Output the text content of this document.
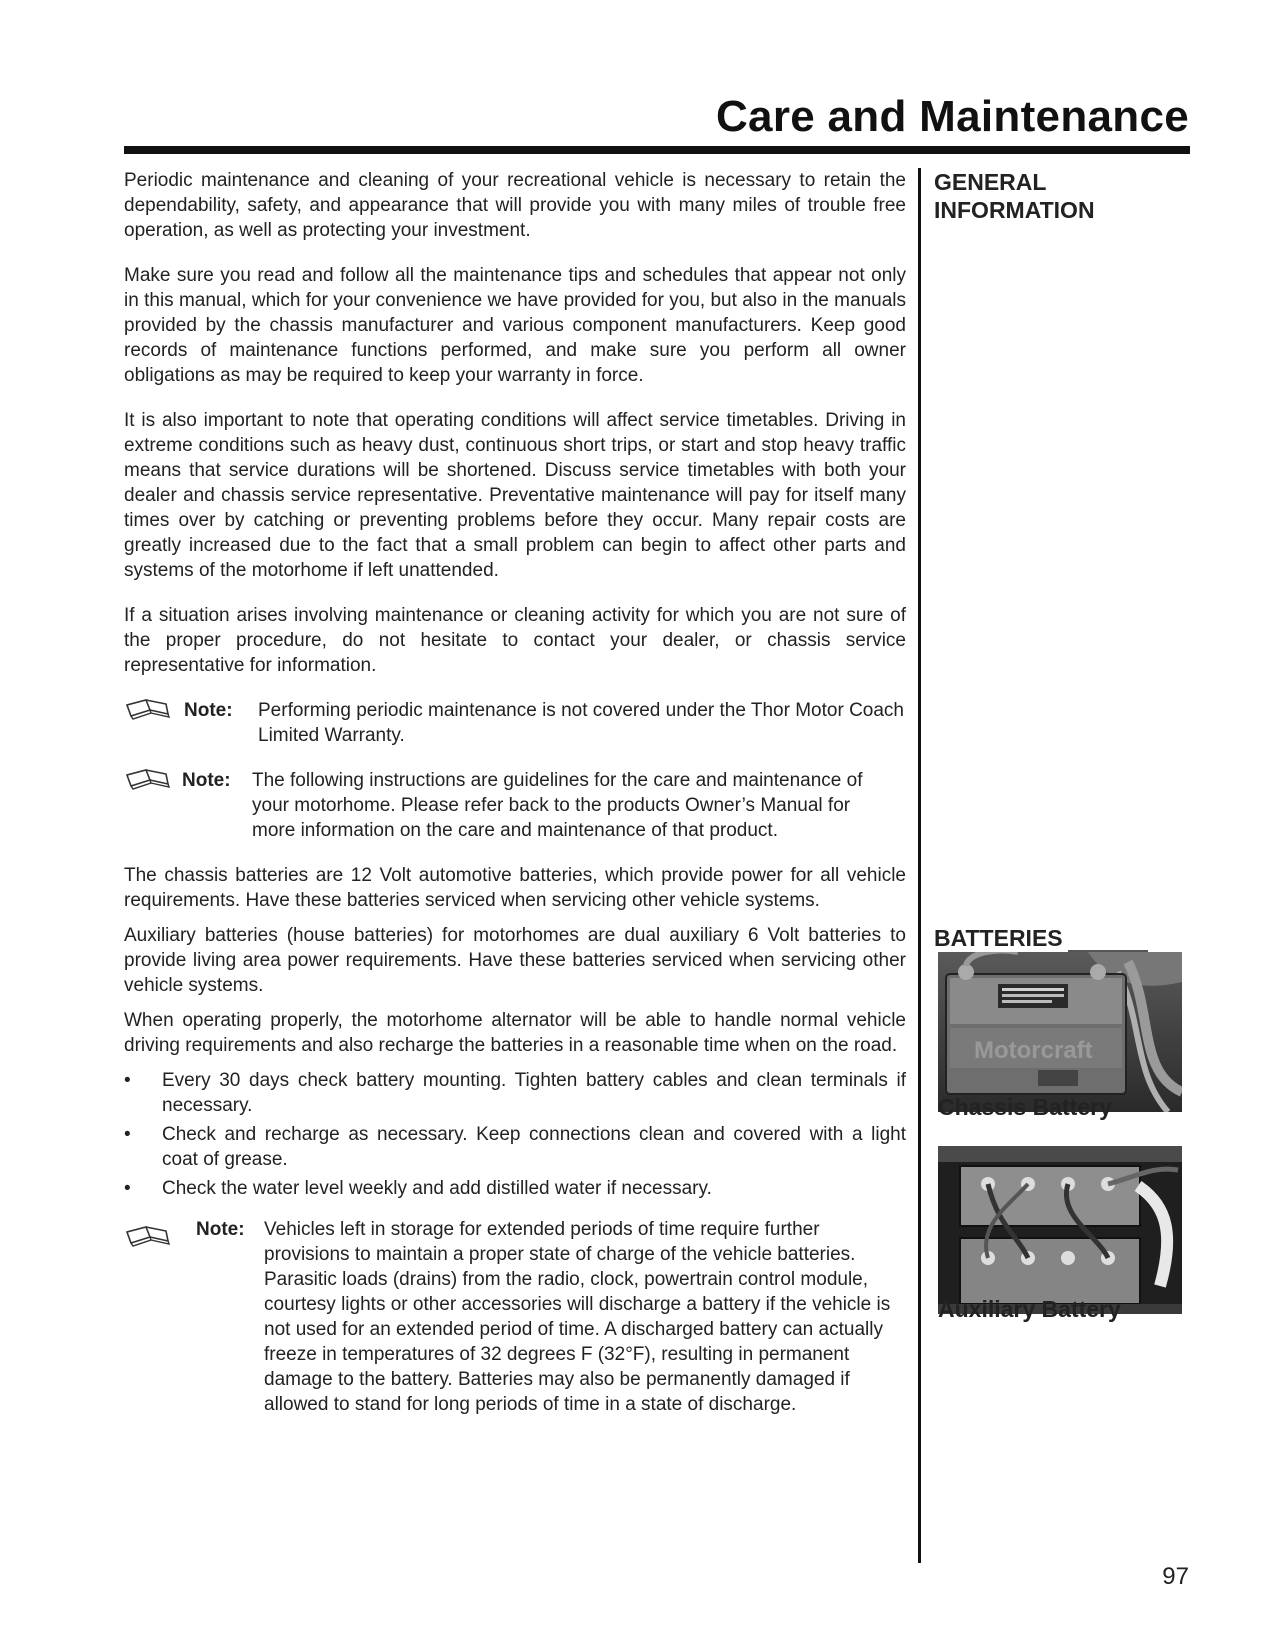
Care and Maintenance

Periodic maintenance and cleaning of your recreational vehicle is necessary to retain the dependability, safety, and appearance that will provide you with many miles of trouble free operation, as well as protecting your investment.

Make sure you read and follow all the maintenance tips and schedules that appear not only in this manual, which for your convenience we have provided for you, but also in the manuals provided by the chassis manufacturer and various component manufacturers. Keep good records of maintenance functions performed, and make sure you perform all owner obligations as may be required to keep your warranty in force.

It is also important to note that operating conditions will affect service timetables. Driving in extreme conditions such as heavy dust, continuous short trips, or start and stop heavy traffic means that service durations will be shortened. Discuss service timetables with both your dealer and chassis service representative. Preventative maintenance will pay for itself many times over by catching or preventing problems before they occur. Many repair costs are greatly increased due to the fact that a small problem can begin to affect other parts and systems of the motorhome if left unattended.

If a situation arises involving maintenance or cleaning activity for which you are not sure of the proper procedure, do not hesitate to contact your dealer, or chassis service representative for information.

Note:	Performing periodic maintenance is not covered under the Thor Motor Coach Limited Warranty.
Note:	The following instructions are guidelines for the care and maintenance of your motorhome. Please refer back to the products Owner’s Manual for more information on the care and maintenance of that product.

The chassis batteries are 12 Volt automotive batteries, which provide power for all vehicle requirements. Have these batteries serviced when servicing other vehicle systems.

Auxiliary batteries (house batteries) for motorhomes are dual auxiliary 6 Volt batteries to provide living area power requirements. Have these batteries serviced when servicing other vehicle systems.

When operating properly, the motorhome alternator will be able to handle normal vehicle driving requirements and also recharge the batteries in a reasonable time when on the road.

• Every 30 days check battery mounting. Tighten battery cables and clean terminals if necessary.
• Check and recharge as necessary. Keep connections clean and covered with a light coat of grease.
• Check the water level weekly and add distilled water if necessary.
Note:	Vehicles left in storage for extended periods of time require further provisions to maintain a proper state of charge of the vehicle batteries. Parasitic loads (drains) from the radio, clock, powertrain control module, courtesy lights or other accessories will discharge a battery if the vehicle is not used for an extended period of time. A discharged battery can actually freeze in temperatures of 32 degrees F (32°F), resulting in permanent damage to the battery. Batteries may also be permanently damaged if allowed to stand for long periods of time in a state of discharge.
GENERAL INFORMATION
BATTERIES
Motorcraft
Chassis Battery
Auxiliary Battery
97
